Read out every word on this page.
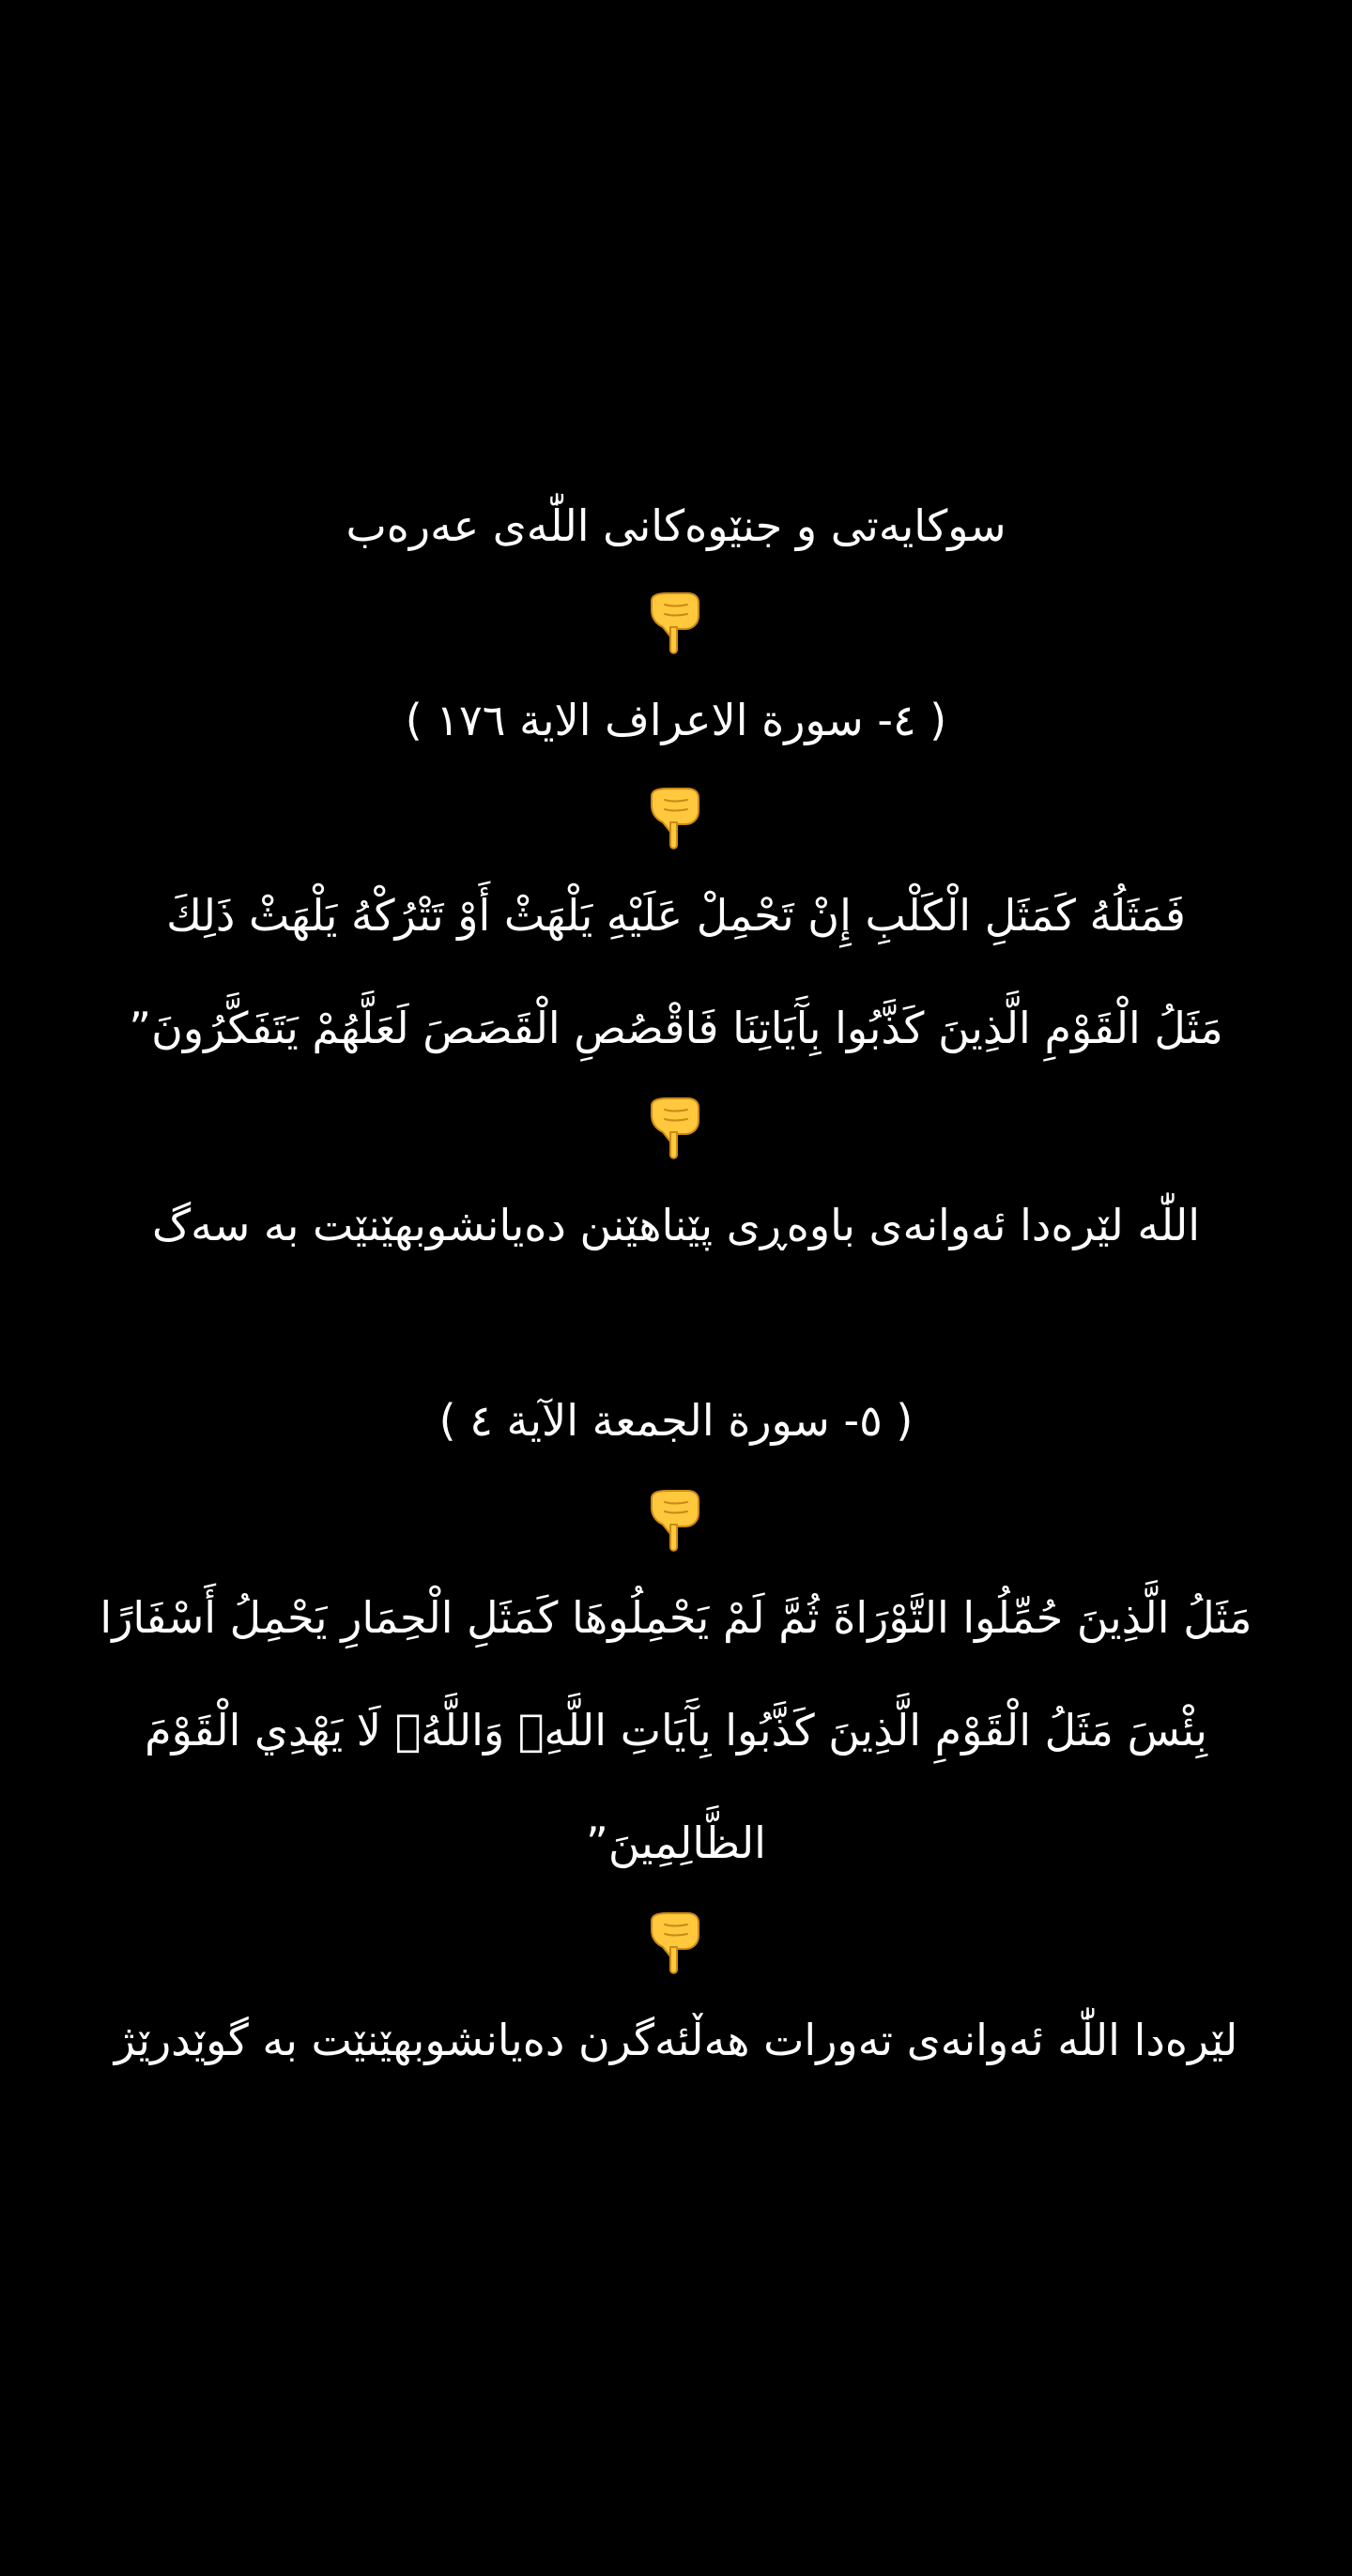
سوکایەتی و جنێوەکانی اللّٰەی عەرەب
( ٤- سورة الاعراف الاية ١٧٦ )
فَمَثَلُهُ كَمَثَلِ الْكَلْبِ إِنْ تَحْمِلْ عَلَيْهِ يَلْهَثْ أَوْ تَتْرُكْهُ يَلْهَثْ ذَلِكَ
مَثَلُ الْقَوْمِ الَّذِينَ كَذَّبُوا بِآَيَاتِنَا فَاقْصُصِ الْقَصَصَ لَعَلَّهُمْ يَتَفَكَّرُونَ”
اللّٰە لێرەدا ئەوانەی باوەڕی پێناهێنن دەیانشوبهێنێت بە سەگ
( ٥- سورة الجمعة الآية ٤ )
مَثَلُ الَّذِينَ حُمِّلُوا التَّوْرَاةَ ثُمَّ لَمْ يَحْمِلُوهَا كَمَثَلِ الْحِمَارِ يَحْمِلُ أَسْفَارًا
بِئْسَ مَثَلُ الْقَوْمِ الَّذِينَ كَذَّبُوا بِآَيَاتِ اللَّهِۚ وَاللَّهُۚ لَا يَهْدِي الْقَوْمَ
الظَّالِمِينَ”
لێرەدا اللّٰە ئەوانەی تەورات هەڵئەگرن دەیانشوبهێنێت بە گوێدرێژ
